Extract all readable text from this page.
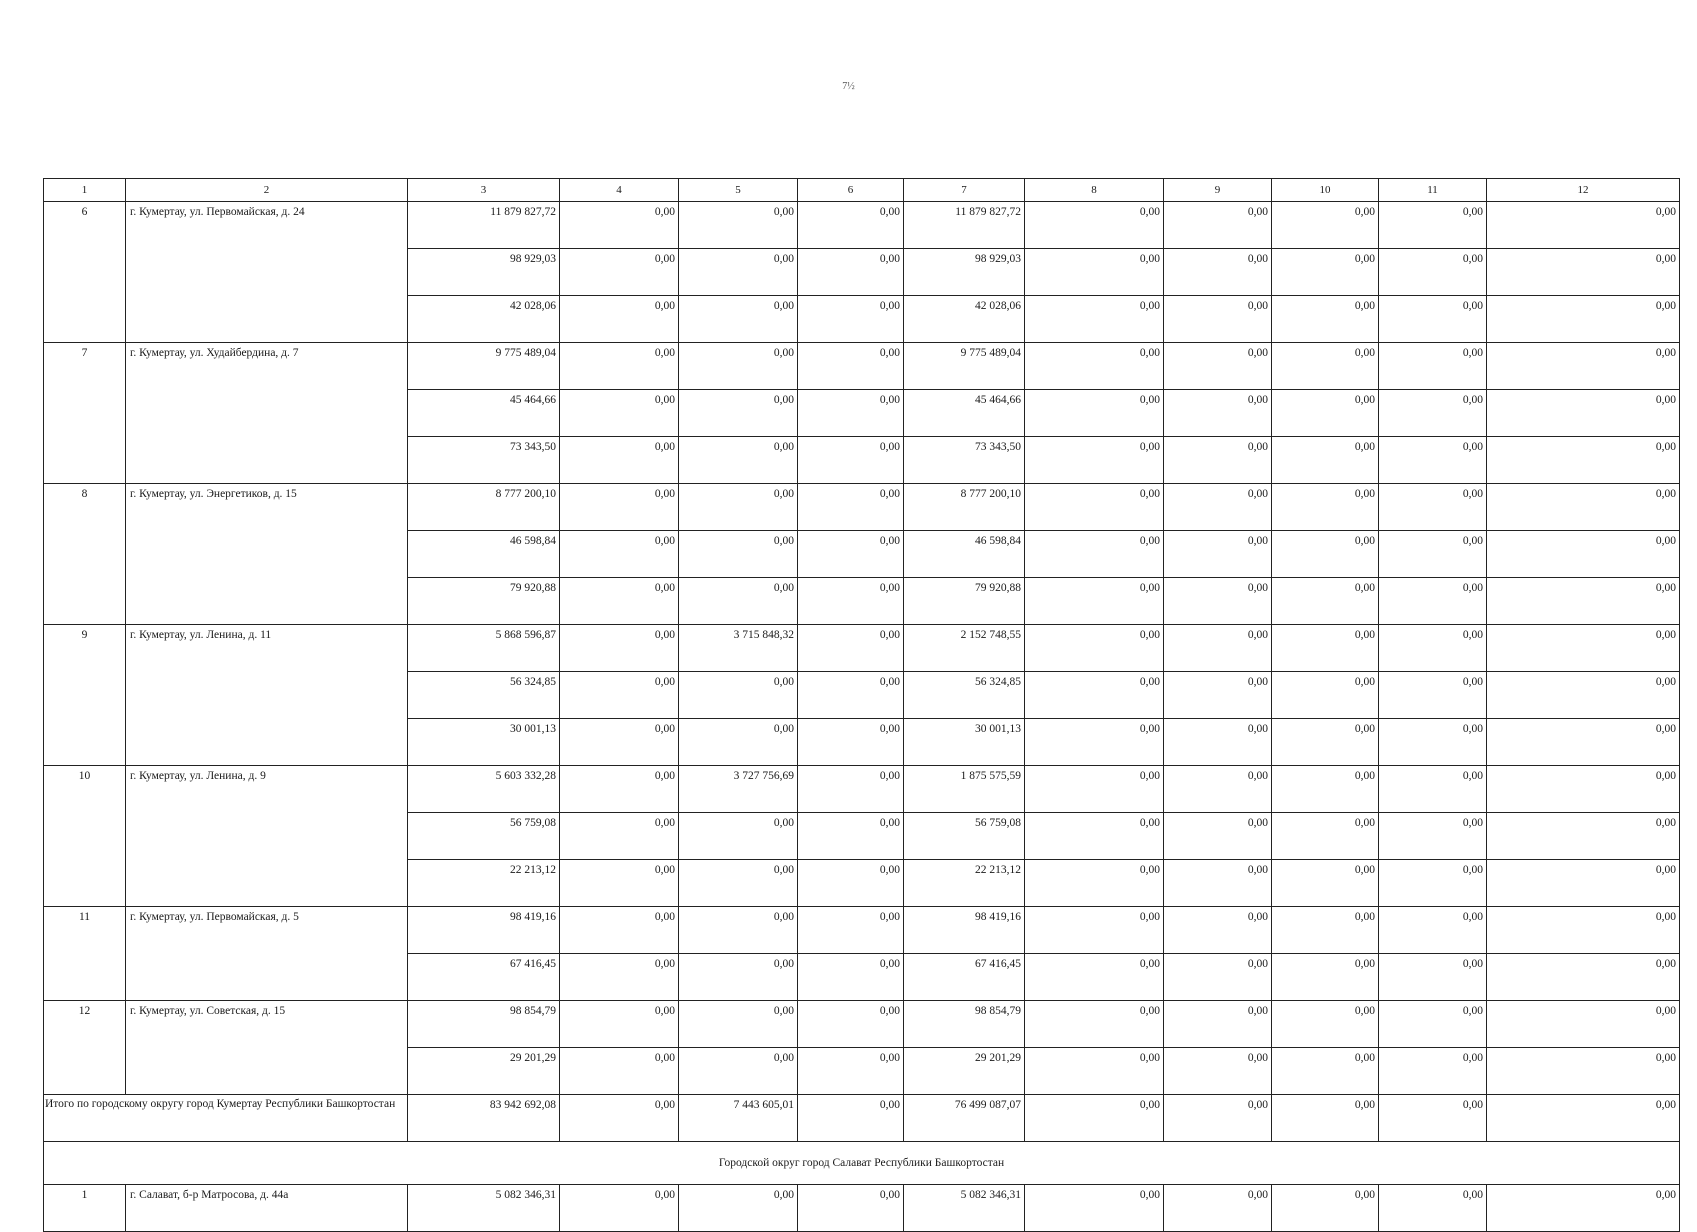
7½
1	2	3	4	5	6	7	8	9	10	11	12
6	г. Кумертау, ул. Первомайская, д. 24	11 879 827,72	0,00	0,00	0,00	11 879 827,72	0,00	0,00	0,00	0,00	0,00
		98 929,03	0,00	0,00	0,00	98 929,03	0,00	0,00	0,00	0,00	0,00
		42 028,06	0,00	0,00	0,00	42 028,06	0,00	0,00	0,00	0,00	0,00
7	г. Кумертау, ул. Худайбердина, д. 7	9 775 489,04	0,00	0,00	0,00	9 775 489,04	0,00	0,00	0,00	0,00	0,00
		45 464,66	0,00	0,00	0,00	45 464,66	0,00	0,00	0,00	0,00	0,00
		73 343,50	0,00	0,00	0,00	73 343,50	0,00	0,00	0,00	0,00	0,00
8	г. Кумертау, ул. Энергетиков, д. 15	8 777 200,10	0,00	0,00	0,00	8 777 200,10	0,00	0,00	0,00	0,00	0,00
		46 598,84	0,00	0,00	0,00	46 598,84	0,00	0,00	0,00	0,00	0,00
		79 920,88	0,00	0,00	0,00	79 920,88	0,00	0,00	0,00	0,00	0,00
9	г. Кумертау, ул. Ленина, д. 11	5 868 596,87	0,00	3 715 848,32	0,00	2 152 748,55	0,00	0,00	0,00	0,00	0,00
		56 324,85	0,00	0,00	0,00	56 324,85	0,00	0,00	0,00	0,00	0,00
		30 001,13	0,00	0,00	0,00	30 001,13	0,00	0,00	0,00	0,00	0,00
10	г. Кумертау, ул. Ленина, д. 9	5 603 332,28	0,00	3 727 756,69	0,00	1 875 575,59	0,00	0,00	0,00	0,00	0,00
		56 759,08	0,00	0,00	0,00	56 759,08	0,00	0,00	0,00	0,00	0,00
		22 213,12	0,00	0,00	0,00	22 213,12	0,00	0,00	0,00	0,00	0,00
11	г. Кумертау, ул. Первомайская, д. 5	98 419,16	0,00	0,00	0,00	98 419,16	0,00	0,00	0,00	0,00	0,00
		67 416,45	0,00	0,00	0,00	67 416,45	0,00	0,00	0,00	0,00	0,00
12	г. Кумертау, ул. Советская, д. 15	98 854,79	0,00	0,00	0,00	98 854,79	0,00	0,00	0,00	0,00	0,00
		29 201,29	0,00	0,00	0,00	29 201,29	0,00	0,00	0,00	0,00	0,00
Итого по городскому округу город Кумертау Республики Башкортостан		83 942 692,08	0,00	7 443 605,01	0,00	76 499 087,07	0,00	0,00	0,00	0,00	0,00
Городской округ город Салават Республики Башкортостан											
1	г. Салават, б-р Матросова, д. 44а	5 082 346,31	0,00	0,00	0,00	5 082 346,31	0,00	0,00	0,00	0,00	0,00
